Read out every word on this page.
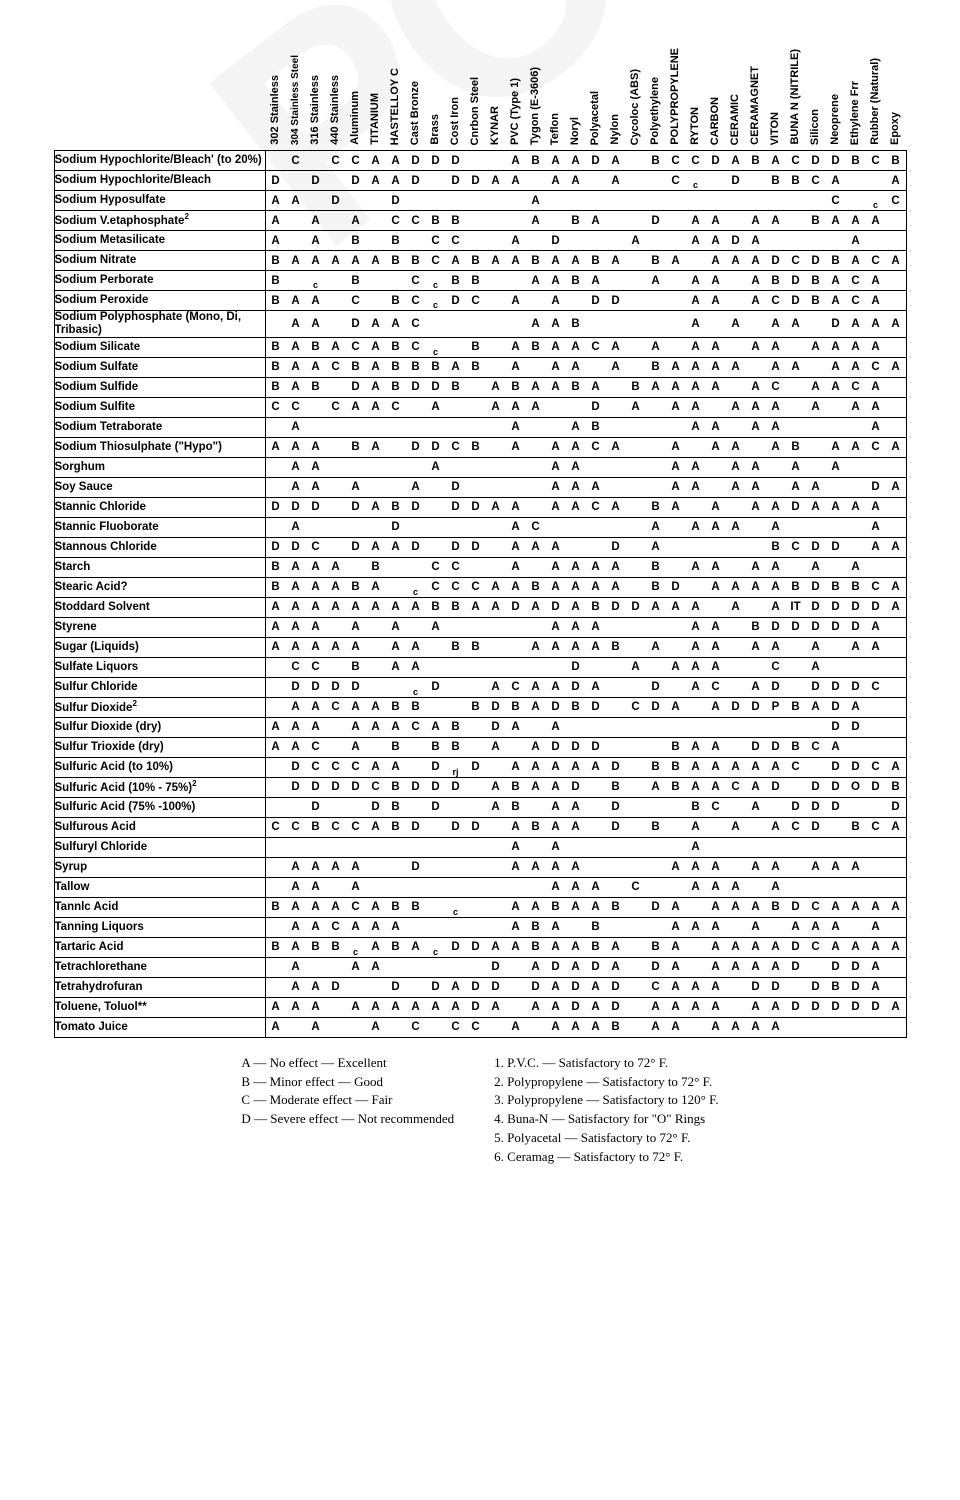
	302 Stainless	304 Stainless Steel	316 Stainless	440 Stainless	Aluminum	TITANIUM	HASTELLOY C	Cast Bronze	Brass	Cost Iron	Cnrbon Steel	KYNAR	PVC (Type 1)	Tygon (E-3606)	Teflon	Noryl	Polyacetal	Nylon	Cycoloc (ABS)	Polyethylene	POLYPROPYLENE	RYTON	CARBON	CERAMIC	CERAMAGNET	VITON	BUNA N (NITRILE)	Silicon	Neoprene	Ethylene Frr	Rubber (Natural)	Epoxy
Sodium Hypochlorite/Bleach' (to 20%)		C		C	C	A	A	D	D	D			A	B	A	A	D	A		B	C	C	D	A	B	A	C	D	D	B	C	B
Sodium Hypochlorite/Bleach	D		D		D	A	A	D		D	D	A	A		A	A		A			C	c		D		B	B	C	A			A
Sodium Hyposulfate	A	A		D			D							A															C		c	C
Sodium V.etaphosphate$^2$	A		A		A		C	C	B	B				A		B	A			D		A	A		A	A		B	A	A	A	
Sodium Metasilicate	A		A		B		B		C	C			A		D				A			A	A	D	A					A		
Sodium Nitrate	B	A	A	A	A	A	B	B	C	A	B	A	A	B	A	A	B	A		B	A		A	A	A	D	C	D	B	A	C	A
Sodium Perborate	B		c		B			C	c	B	B			A	A	B	A			A		A	A		A	B	D	B	A	C	A	
Sodium Peroxide	B	A	A		C		B	C	c	D	C		A		A		D	D				A	A		A	C	D	B	A	C	A	
Sodium Polyphosphate (Mono, Di, Tribasic)		A	A		D	A	A	C						A	A	B						A		A		A	A		D	A	A	A
Sodium Silicate	B	A	B	A	C	A	B	C	c		B		A	B	A	A	C	A		A		A	A		A	A		A	A	A	A	
Sodium Sulfate	B	A	A	C	B	A	B	B	B	A	B		A		A	A		A		B	A	A	A	A		A	A		A	A	C	A
Sodium Sulfide	B	A	B		D	A	B	D	D	B		A	B	A	A	B	A		B	A	A	A	A		A	C		A	A	C	A	
Sodium Sulfite	C	C		C	A	A	C		A			A	A	A			D		A		A	A		A	A	A		A		A	A	
Sodium Tetraborate		A											A			A	B					A	A		A	A					A	
Sodium Thiosulphate ("Hypo")	A	A	A		B	A		D	D	C	B		A		A	A	C	A			A		A	A		A	B		A	A	C	A
Sorghum		A	A						A						A	A					A	A		A	A		A		A			
Soy Sauce		A	A		A			A		D					A	A	A				A	A		A	A		A	A			D	A
Stannic Chloride	D	D	D		D	A	B	D		D	D	A	A		A	A	C	A		B	A		A		A	A	D	A	A	A	A	
Stannic Fluoborate		A					D						A	C						A		A	A	A		A					A	
Stannous Chloride	D	D	C		D	A	A	D		D	D		A	A	A			D		A						B	C	D	D		A	A
Starch	B	A	A	A		B			C	C			A		A	A	A	A		B		A	A		A	A		A		A		
Stearic Acid?	B	A	A	A	B	A		c	C	C	C	A	A	B	A	A	A	A		B	D		A	A	A	A	B	D	B	B	C	A
Stoddard Solvent	A	A	A	A	A	A	A	A	B	B	A	A	D	A	D	A	B	D	D	A	A	A		A		A	IT	D	D	D	D	A
Styrene	A	A	A		A		A		A						A	A	A					A	A		B	D	D	D	D	D	A	
Sugar (Liquids)	A	A	A	A	A		A	A		B	B			A	A	A	A	B		A		A	A		A	A		A		A	A	
Sulfate Liquors		C	C		B		A	A								D			A		A	A	A			C		A				
Sulfur Chloride		D	D	D	D			c	D			A	C	A	A	D	A			D		A	C		A	D		D	D	D	C	
Sulfur Dioxide$^2$		A	A	C	A	A	B	B			B	D	B	A	D	B	D		C	D	A		A	D	D	P	B	A	D	A		
Sulfur Dioxide (dry)	A	A	A		A	A	A	C	A	B		D	A		A														D	D		
Sulfur Trioxide (dry)	A	A	C		A		B		B	B		A		A	D	D	D				B	A	A		D	D	B	C	A			
Sulfuric Acid (to 10%)		D	C	C	C	A	A		D	rj	D		A	A	A	A	A	D		B	B	A	A	A	A	A	C		D	D	C	A
Sulfuric Acid (10% - 75%)$^2$		D	D	D	D	C	B	D	D	D		A	B	A	A	D		B		A	B	A	A	C	A	D		D	D	O	D	B
Sulfuric Acid (75% -100%)			D			D	B		D			A	B		A	A		D				B	C		A		D	D	D			D
Sulfurous Acid	C	C	B	C	C	A	B	D		D	D		A	B	A	A		D		B		A		A		A	C	D		B	C	A
Sulfuryl Chloride													A		A							A										
Syrup		A	A	A	A			D					A	A	A	A					A	A	A		A	A		A	A	A		
Tallow		A	A		A										A	A	A		C			A	A	A		A						
Tannlc Acid	B	A	A	A	C	A	B	B		c			A	A	B	A	A	B		D	A		A	A	A	B	D	C	A	A	A	A
Tanning Liquors		A	A	C	A	A	A						A	B	A		B				A	A	A		A		A	A	A		A	
Tartaric Acid	B	A	B	B	c	A	B	A	c	D	D	A	A	B	A	A	B	A		B	A		A	A	A	A	D	C	A	A	A	A
Tetrachlorethane		A			A	A						D		A	D	A	D	A		D	A		A	A	A	A	D		D	D	A	
Tetrahydrofuran		A	A	D			D		D	A	D	D		D	A	D	A	D		C	A	A	A		D	D		D	B	D	A	
Toluene, Toluol**	A	A	A		A	A	A	A	A	A	D	A		A	A	D	A	D		A	A	A	A		A	A	D	D	D	D	D	A
Tomato Juice	A		A			A		C		C	C		A		A	A	A	B		A	A		A	A	A	A						
A — No effect — Excellent
B — Minor effect — Good
C — Moderate effect — Fair
D — Severe effect — Not recommended
1. P.V.C. — Satisfactory to 72° F.
2. Polypropylene — Satisfactory to 72° F.
3. Polypropylene — Satisfactory to 120° F.
4. Buna-N — Satisfactory for "O" Rings
5. Polyacetal — Satisfactory to 72° F.
6. Ceramag — Satisfactory to 72° F.
